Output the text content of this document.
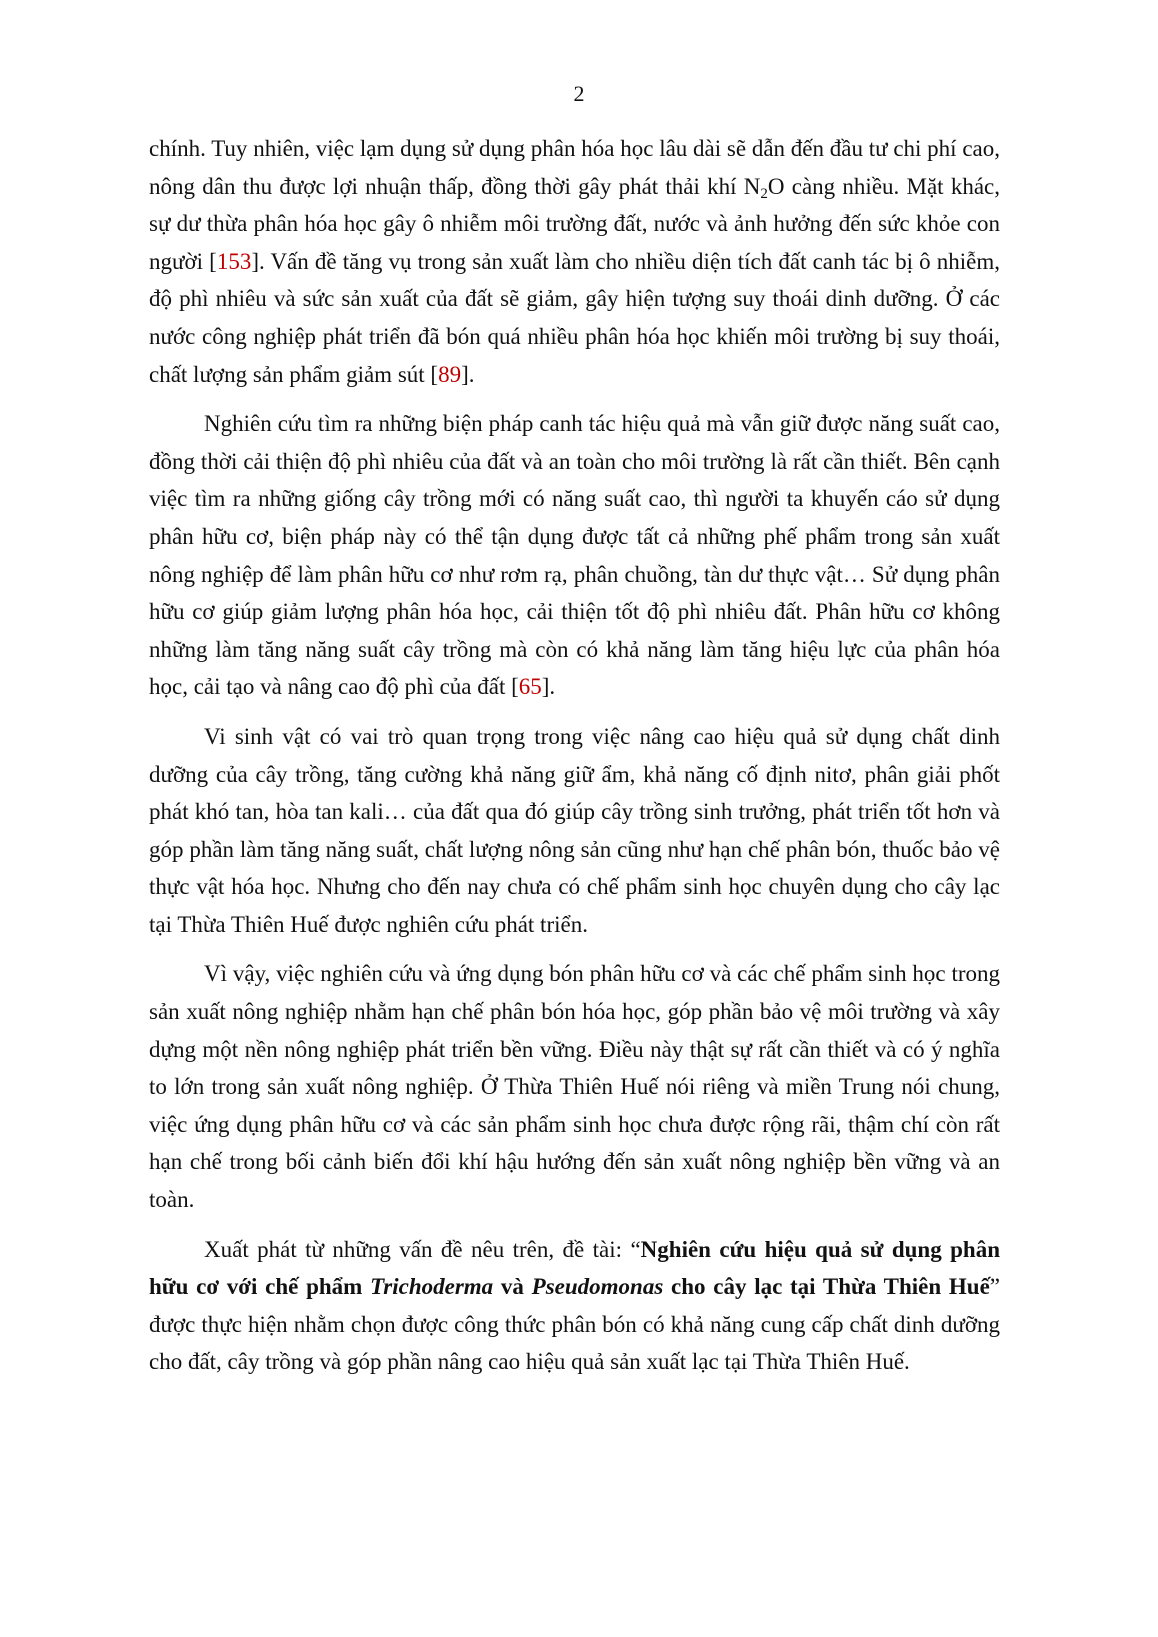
2

chính. Tuy nhiên, việc lạm dụng sử dụng phân hóa học lâu dài sẽ dẫn đến đầu tư chi phí cao, nông dân thu được lợi nhuận thấp, đồng thời gây phát thải khí $N_2O$ càng nhiều. Mặt khác, sự dư thừa phân hóa học gây ô nhiễm môi trường đất, nước và ảnh hưởng đến sức khỏe con người [153]. Vấn đề tăng vụ trong sản xuất làm cho nhiều diện tích đất canh tác bị ô nhiễm, độ phì nhiêu và sức sản xuất của đất sẽ giảm, gây hiện tượng suy thoái dinh dưỡng. Ở các nước công nghiệp phát triển đã bón quá nhiều phân hóa học khiến môi trường bị suy thoái, chất lượng sản phẩm giảm sút [89].

Nghiên cứu tìm ra những biện pháp canh tác hiệu quả mà vẫn giữ được năng suất cao, đồng thời cải thiện độ phì nhiêu của đất và an toàn cho môi trường là rất cần thiết. Bên cạnh việc tìm ra những giống cây trồng mới có năng suất cao, thì người ta khuyến cáo sử dụng phân hữu cơ, biện pháp này có thể tận dụng được tất cả những phế phẩm trong sản xuất nông nghiệp để làm phân hữu cơ như rơm rạ, phân chuồng, tàn dư thực vật… Sử dụng phân hữu cơ giúp giảm lượng phân hóa học, cải thiện tốt độ phì nhiêu đất. Phân hữu cơ không những làm tăng năng suất cây trồng mà còn có khả năng làm tăng hiệu lực của phân hóa học, cải tạo và nâng cao độ phì của đất [65].

Vi sinh vật có vai trò quan trọng trong việc nâng cao hiệu quả sử dụng chất dinh dưỡng của cây trồng, tăng cường khả năng giữ ẩm, khả năng cố định nitơ, phân giải phốt phát khó tan, hòa tan kali… của đất qua đó giúp cây trồng sinh trưởng, phát triển tốt hơn và góp phần làm tăng năng suất, chất lượng nông sản cũng như hạn chế phân bón, thuốc bảo vệ thực vật hóa học. Nhưng cho đến nay chưa có chế phẩm sinh học chuyên dụng cho cây lạc tại Thừa Thiên Huế được nghiên cứu phát triển.

Vì vậy, việc nghiên cứu và ứng dụng bón phân hữu cơ và các chế phẩm sinh học trong sản xuất nông nghiệp nhằm hạn chế phân bón hóa học, góp phần bảo vệ môi trường và xây dựng một nền nông nghiệp phát triển bền vững. Điều này thật sự rất cần thiết và có ý nghĩa to lớn trong sản xuất nông nghiệp. Ở Thừa Thiên Huế nói riêng và miền Trung nói chung, việc ứng dụng phân hữu cơ và các sản phẩm sinh học chưa được rộng rãi, thậm chí còn rất hạn chế trong bối cảnh biến đổi khí hậu hướng đến sản xuất nông nghiệp bền vững và an toàn.

Xuất phát từ những vấn đề nêu trên, đề tài: “Nghiên cứu hiệu quả sử dụng phân hữu cơ với chế phẩm Trichoderma và Pseudomonas cho cây lạc tại Thừa Thiên Huế” được thực hiện nhằm chọn được công thức phân bón có khả năng cung cấp chất dinh dưỡng cho đất, cây trồng và góp phần nâng cao hiệu quả sản xuất lạc tại Thừa Thiên Huế.
